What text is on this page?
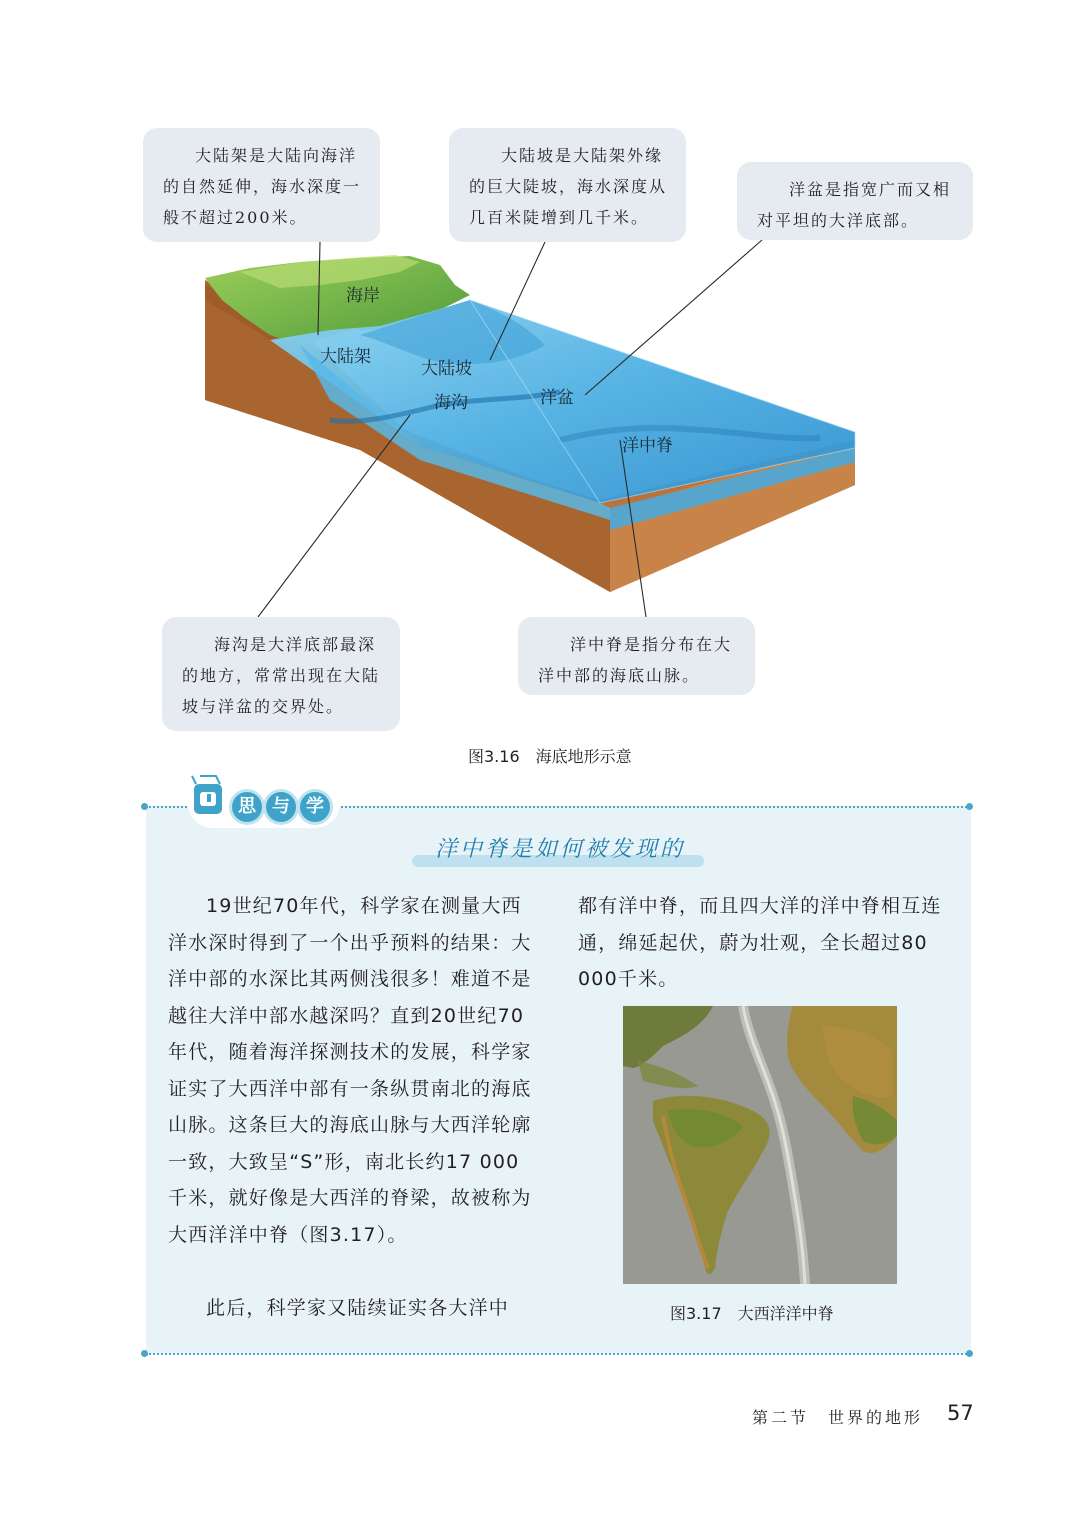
大陆架是大陆向海洋的自然延伸，海水深度一般不超过200米。
大陆坡是大陆架外缘的巨大陡坡，海水深度从几百米陡增到几千米。
洋盆是指宽广而又相对平坦的大洋底部。
海沟是大洋底部最深的地方，常常出现在大陆坡与洋盆的交界处。
洋中脊是指分布在大洋中部的海底山脉。
海岸
大陆架
大陆坡
海沟	洋盆
洋中脊
图3.16　海底地形示意
思 与 学
洋中脊是如何被发现的

19世纪70年代，科学家在测量大西洋水深时得到了一个出乎预料的结果：大洋中部的水深比其两侧浅很多！难道不是越往大洋中部水越深吗？直到20世纪70年代，随着海洋探测技术的发展，科学家证实了大西洋中部有一条纵贯南北的海底山脉。这条巨大的海底山脉与大西洋轮廓一致，大致呈“S”形，南北长约17 000千米，就好像是大西洋的脊梁，故被称为大西洋洋中脊（图3.17）。

此后，科学家又陆续证实各大洋中

都有洋中脊，而且四大洋的洋中脊相互连通，绵延起伏，蔚为壮观，全长超过80 000千米。

图3.17　大西洋洋中脊
第二节　世界的地形 57
